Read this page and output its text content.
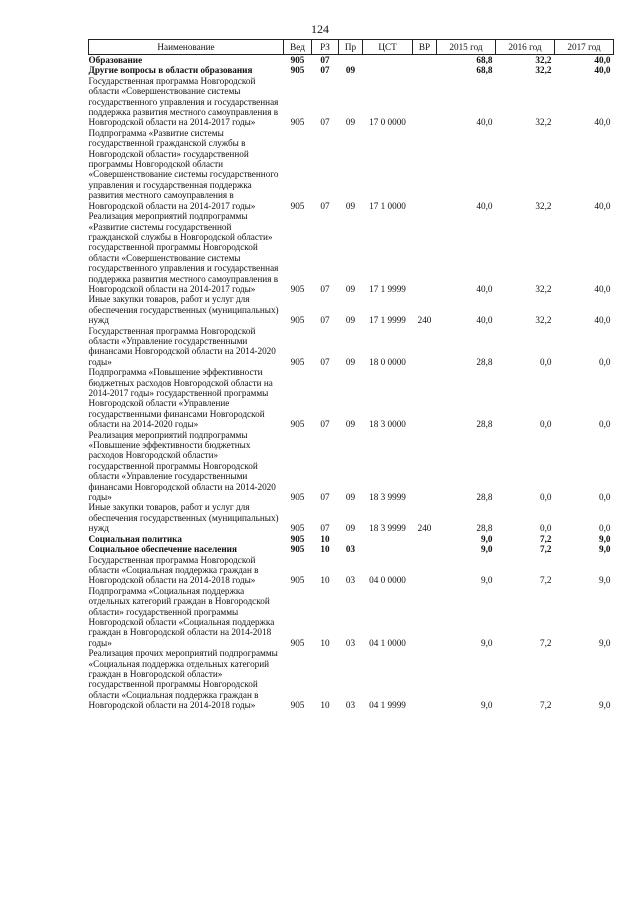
124
Наименование	Вед	РЗ	Пр	ЦСТ	ВР	2015 год	2016 год	2017 год
Образование	905	07				68,8	32,2	40,0
Другие вопросы в области образования	905	07	09			68,8	32,2	40,0
Государственная программа Новгородской области «Совершенствование системы государственного управления и государственная поддержка развития местного самоуправления в Новгородской области на 2014-2017 годы»	905	07	09	17 0 0000		40,0	32,2	40,0
Подпрограмма «Развитие системы государственной гражданской службы в Новгородской области» государственной программы Новгородской области «Совершенствование системы государственного управления и государственная поддержка развития местного самоуправления в Новгородской области на 2014-2017 годы»	905	07	09	17 1 0000		40,0	32,2	40,0
Реализация мероприятий подпрограммы «Развитие системы государственной гражданской службы в Новгородской области» государственной программы Новгородской области «Совершенствование системы государственного управления и государственная поддержка развития местного самоуправления в Новгородской области на 2014-2017 годы»	905	07	09	17 1 9999		40,0	32,2	40,0
Иные закупки товаров, работ и услуг для обеспечения государственных (муниципальных) нужд	905	07	09	17 1 9999	240	40,0	32,2	40,0
Государственная программа Новгородской области «Управление государственными финансами Новгородской области на 2014-2020 годы»	905	07	09	18 0 0000		28,8	0,0	0,0
Подпрограмма «Повышение эффективности бюджетных расходов Новгородской области на 2014-2017 годы» государственной программы Новгородской области «Управление государственными финансами Новгородской области на 2014-2020 годы»	905	07	09	18 3 0000		28,8	0,0	0,0
Реализация мероприятий подпрограммы «Повышение эффективности бюджетных расходов Новгородской области» государственной программы Новгородской области «Управление государственными финансами Новгородской области на 2014-2020 годы»	905	07	09	18 3 9999		28,8	0,0	0,0
Иные закупки товаров, работ и услуг для обеспечения государственных (муниципальных) нужд	905	07	09	18 3 9999	240	28,8	0,0	0,0
Социальная политика	905	10				9,0	7,2	9,0
Социальное обеспечение населения	905	10	03			9,0	7,2	9,0
Государственная программа Новгородской области «Социальная поддержка граждан в Новгородской области на 2014-2018 годы»	905	10	03	04 0 0000		9,0	7,2	9,0
Подпрограмма «Социальная поддержка отдельных категорий граждан в Новгородской области» государственной программы Новгородской области «Социальная поддержка граждан в Новгородской области на 2014-2018 годы»	905	10	03	04 1 0000		9,0	7,2	9,0
Реализация прочих мероприятий подпрограммы «Социальная поддержка отдельных категорий граждан в Новгородской области» государственной программы Новгородской области «Социальная поддержка граждан в Новгородской области на 2014-2018 годы»	905	10	03	04 1 9999		9,0	7,2	9,0
